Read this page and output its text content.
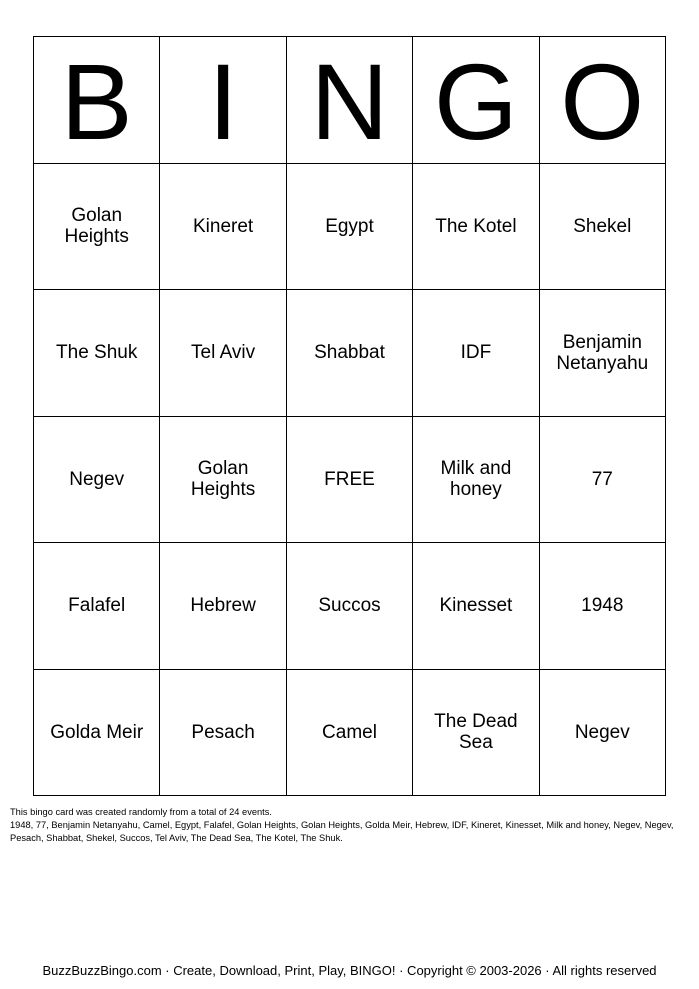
B I N G O
Golan Heights	Kineret	Egypt	The Kotel	Shekel
The Shuk	Tel Aviv	Shabbat	IDF	Benjamin Netanyahu
Negev	Golan Heights	FREE	Milk and honey	77
Falafel	Hebrew	Succos	Kinesset	1948
Golda Meir	Pesach	Camel	The Dead Sea	Negev

This bingo card was created randomly from a total of 24 events.

1948, 77, Benjamin Netanyahu, Camel, Egypt, Falafel, Golan Heights, Golan Heights, Golda Meir, Hebrew, IDF, Kineret, Kinesset, Milk and honey, Negev, Negev, Pesach, Shabbat, Shekel, Succos, Tel Aviv, The Dead Sea, The Kotel, The Shuk.

BuzzBuzzBingo.com · Create, Download, Print, Play, BINGO! · Copyright © 2003-2026 · All rights reserved
